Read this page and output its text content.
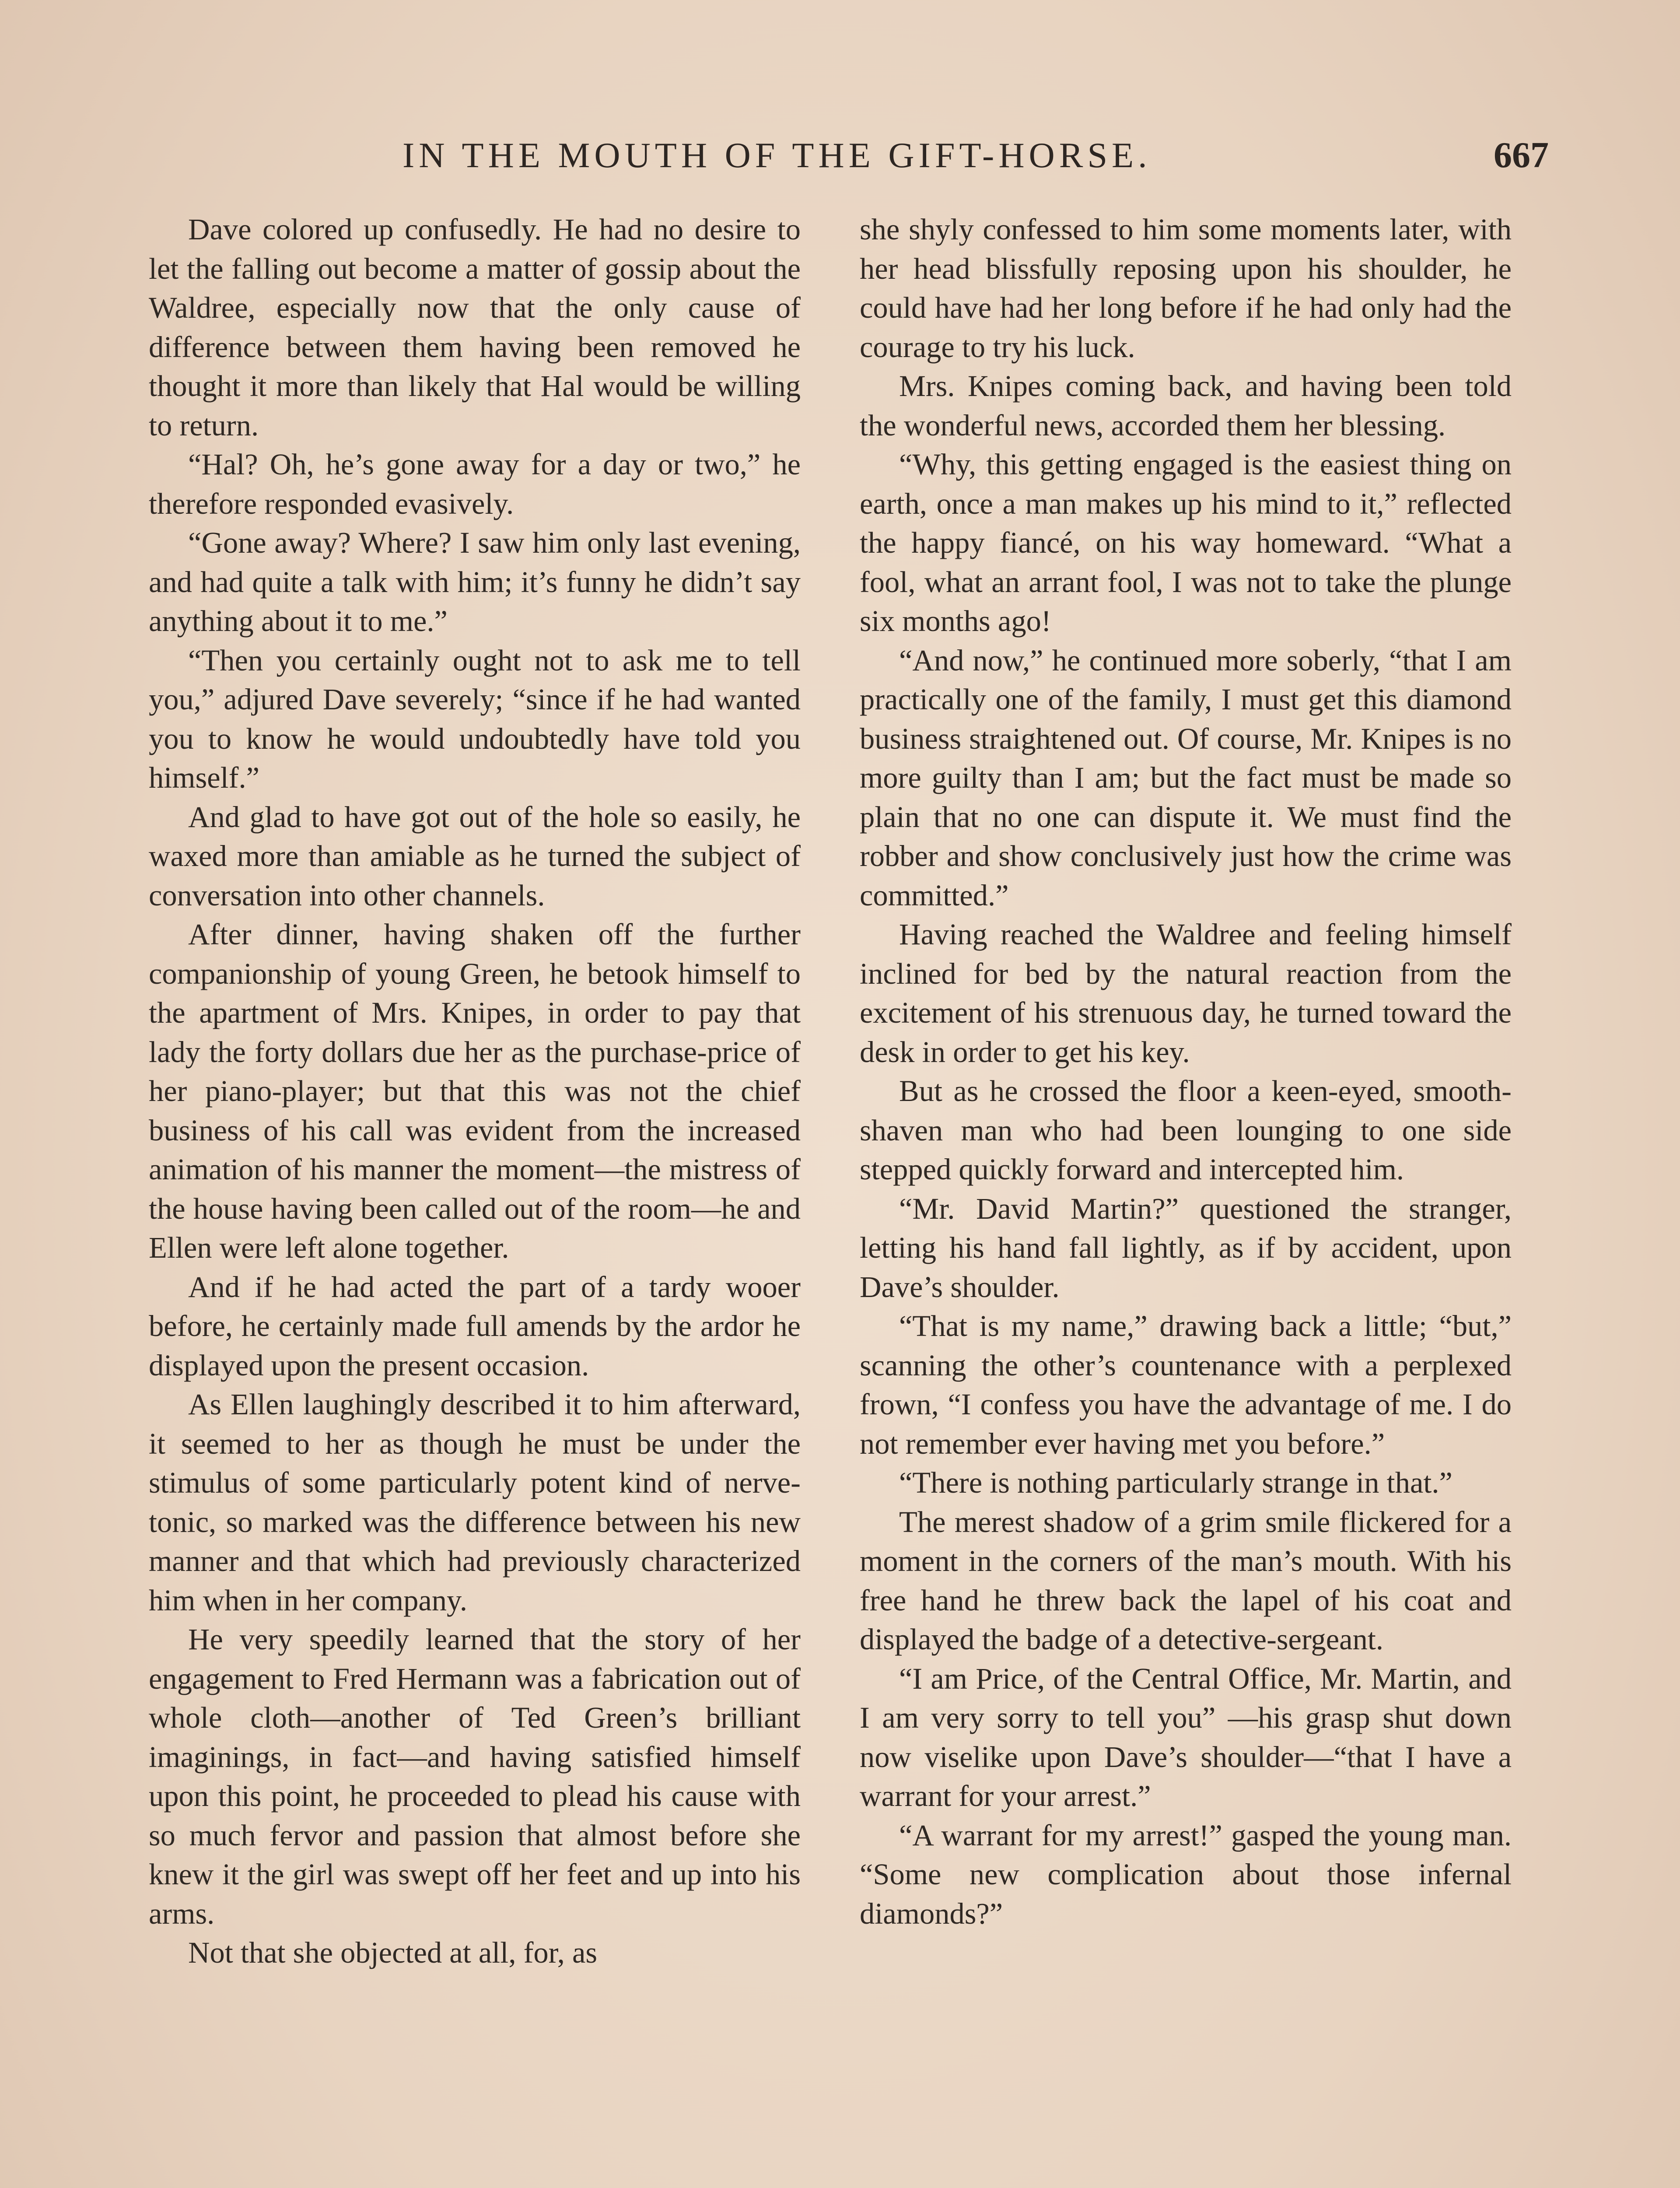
IN THE MOUTH OF THE GIFT-HORSE.	667

Dave colored up confusedly. He had no desire to let the falling out become a matter of gossip about the Waldree, especially now that the only cause of difference between them having been removed he thought it more than likely that Hal would be willing to return.

“Hal? Oh, he’s gone away for a day or two,” he therefore responded evasively.

“Gone away? Where? I saw him only last evening, and had quite a talk with him; it’s funny he didn’t say anything about it to me.”

“Then you certainly ought not to ask me to tell you,” adjured Dave severely; “since if he had wanted you to know he would undoubtedly have told you himself.”

And glad to have got out of the hole so easily, he waxed more than amiable as he turned the subject of conversation into other channels.

After dinner, having shaken off the further companionship of young Green, he betook himself to the apartment of Mrs. Knipes, in order to pay that lady the forty dollars due her as the purchase-price of her piano-player; but that this was not the chief business of his call was evident from the increased animation of his manner the moment—the mistress of the house having been called out of the room—he and Ellen were left alone together.

And if he had acted the part of a tardy wooer before, he certainly made full amends by the ardor he displayed upon the present occasion.

As Ellen laughingly described it to him afterward, it seemed to her as though he must be under the stimulus of some particularly potent kind of nerve-tonic, so marked was the difference between his new manner and that which had previously characterized him when in her company.

He very speedily learned that the story of her engagement to Fred Hermann was a fabrication out of whole cloth—another of Ted Green’s brilliant imaginings, in fact—and having satisfied himself upon this point, he proceeded to plead his cause with so much fervor and passion that almost before she knew it the girl was swept off her feet and up into his arms.

Not that she objected at all, for, as

she shyly confessed to him some moments later, with her head blissfully reposing upon his shoulder, he could have had her long before if he had only had the courage to try his luck.

Mrs. Knipes coming back, and having been told the wonderful news, accorded them her blessing.

“Why, this getting engaged is the easiest thing on earth, once a man makes up his mind to it,” reflected the happy fiancé, on his way homeward. “What a fool, what an arrant fool, I was not to take the plunge six months ago!

“And now,” he continued more soberly, “that I am practically one of the family, I must get this diamond business straightened out. Of course, Mr. Knipes is no more guilty than I am; but the fact must be made so plain that no one can dispute it. We must find the robber and show conclusively just how the crime was committed.”

Having reached the Waldree and feeling himself inclined for bed by the natural reaction from the excitement of his strenuous day, he turned toward the desk in order to get his key.

But as he crossed the floor a keen-eyed, smooth-shaven man who had been lounging to one side stepped quickly forward and intercepted him.

“Mr. David Martin?” questioned the stranger, letting his hand fall lightly, as if by accident, upon Dave’s shoulder.

“That is my name,” drawing back a little; “but,” scanning the other’s countenance with a perplexed frown, “I confess you have the advantage of me. I do not remember ever having met you before.”

“There is nothing particularly strange in that.”

The merest shadow of a grim smile flickered for a moment in the corners of the man’s mouth. With his free hand he threw back the lapel of his coat and displayed the badge of a detective-sergeant.

“I am Price, of the Central Office, Mr. Martin, and I am very sorry to tell you” —his grasp shut down now viselike upon Dave’s shoulder—“that I have a warrant for your arrest.”

“A warrant for my arrest!” gasped the young man. “Some new complication about those infernal diamonds?”
